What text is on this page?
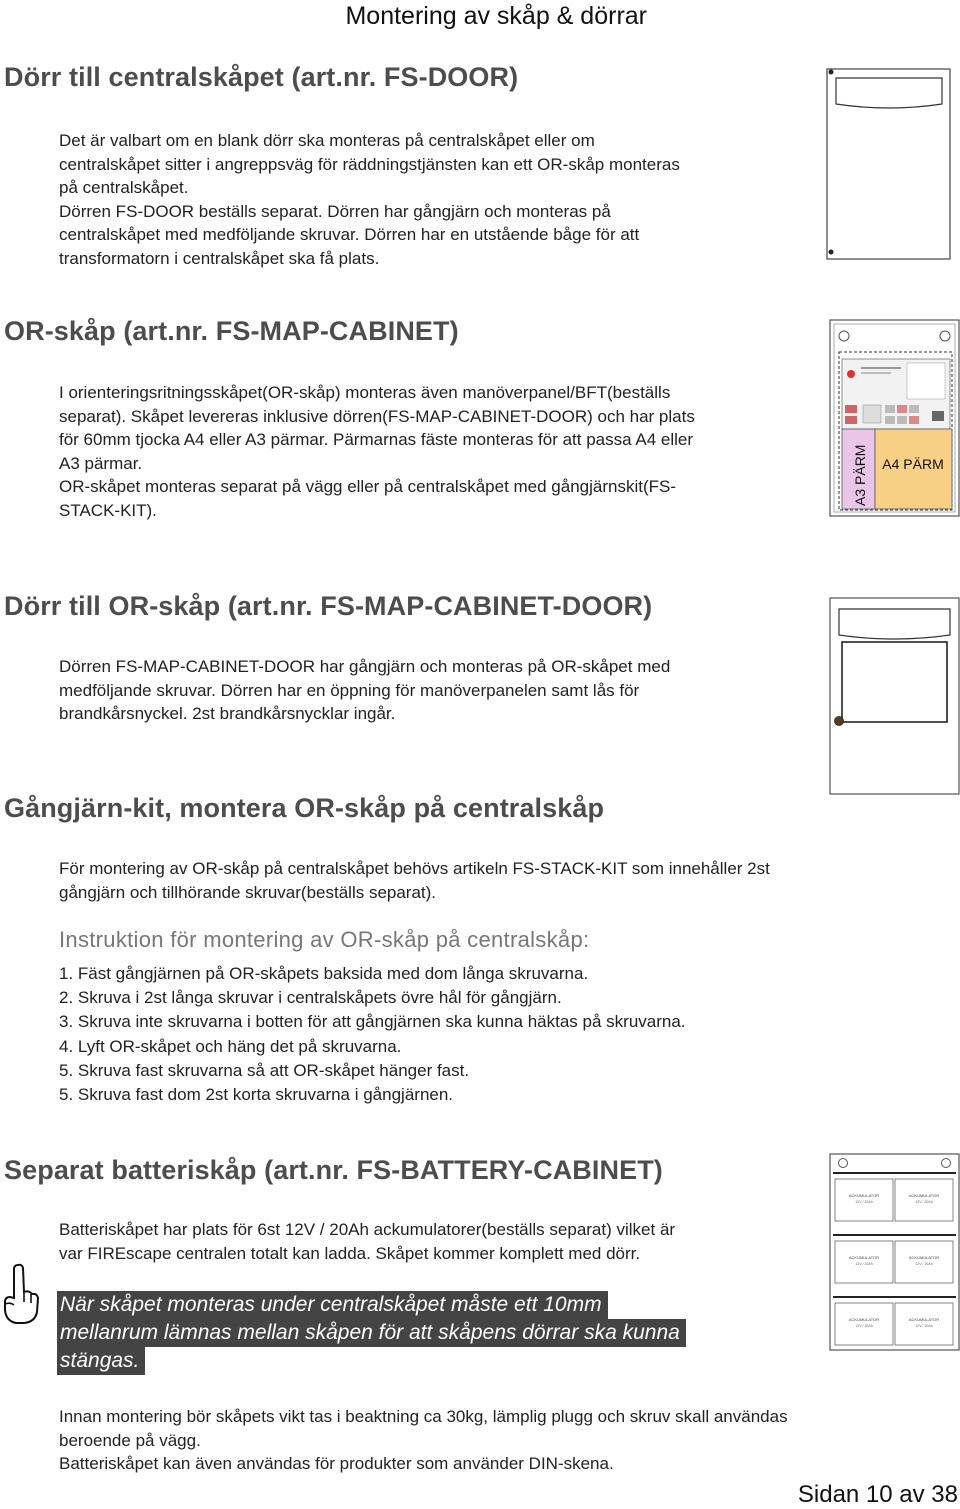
Montering av skåp & dörrar
Dörr till centralskåpet (art.nr. FS-DOOR)
Det är valbart om en blank dörr ska monteras på centralskåpet eller om
centralskåpet sitter i angreppsväg för räddningstjänsten kan ett OR-skåp monteras
på centralskåpet.
Dörren FS-DOOR beställs separat. Dörren har gångjärn och monteras på
centralskåpet med medföljande skruvar. Dörren har en utstående båge för att
transformatorn i centralskåpet ska få plats.
OR-skåp (art.nr. FS-MAP-CABINET)
I orienteringsritningsskåpet(OR-skåp) monteras även manöverpanel/BFT(beställs
separat). Skåpet levereras inklusive dörren(FS-MAP-CABINET-DOOR) och har plats
för 60mm tjocka A4 eller A3 pärmar. Pärmarnas fäste monteras för att passa A4 eller
A3 pärmar.
OR-skåpet monteras separat på vägg eller på centralskåpet med gångjärnskit(FS-
STACK-KIT).
A3 PÄRM A4 PÄRM
Dörr till OR-skåp (art.nr. FS-MAP-CABINET-DOOR)
Dörren FS-MAP-CABINET-DOOR har gångjärn och monteras på OR-skåpet med
medföljande skruvar. Dörren har en öppning för manöverpanelen samt lås för
brandkårsnyckel. 2st brandkårsnycklar ingår.
Gångjärn-kit, montera OR-skåp på centralskåp
För montering av OR-skåp på centralskåpet behövs artikeln FS-STACK-KIT som innehåller 2st
gångjärn och tillhörande skruvar(beställs separat).
Instruktion för montering av OR-skåp på centralskåp:
1. Fäst gångjärnen på OR-skåpets baksida med dom långa skruvarna.
2. Skruva i 2st långa skruvar i centralskåpets övre hål för gångjärn.
3. Skruva inte skruvarna i botten för att gångjärnen ska kunna häktas på skruvarna.
4. Lyft OR-skåpet och häng det på skruvarna.
5. Skruva fast skruvarna så att OR-skåpet hänger fast.
5. Skruva fast dom 2st korta skruvarna i gångjärnen.
Separat batteriskåp (art.nr. FS-BATTERY-CABINET)
Batteriskåpet har plats för 6st 12V / 20Ah ackumulatorer(beställs separat) vilket är
var FIREscape centralen totalt kan ladda. Skåpet kommer komplett med dörr.
När skåpet monteras under centralskåpet måste ett 10mm
mellanrum lämnas mellan skåpen för att skåpens dörrar ska kunna
stängas.
Innan montering bör skåpets vikt tas i beaktning ca 30kg, lämplig plugg och skruv skall användas
beroende på vägg.
Batteriskåpet kan även användas för produkter som använder DIN-skena.
ACKUMULATOR
12V / 20Ah
ACKUMULATOR
12V / 20Ah
ACKUMULATOR
12V / 20Ah
ACKUMULATOR
12V / 20Ah
ACKUMULATOR
12V / 20Ah
ACKUMULATOR
12V / 20Ah
Sidan 10 av 38
